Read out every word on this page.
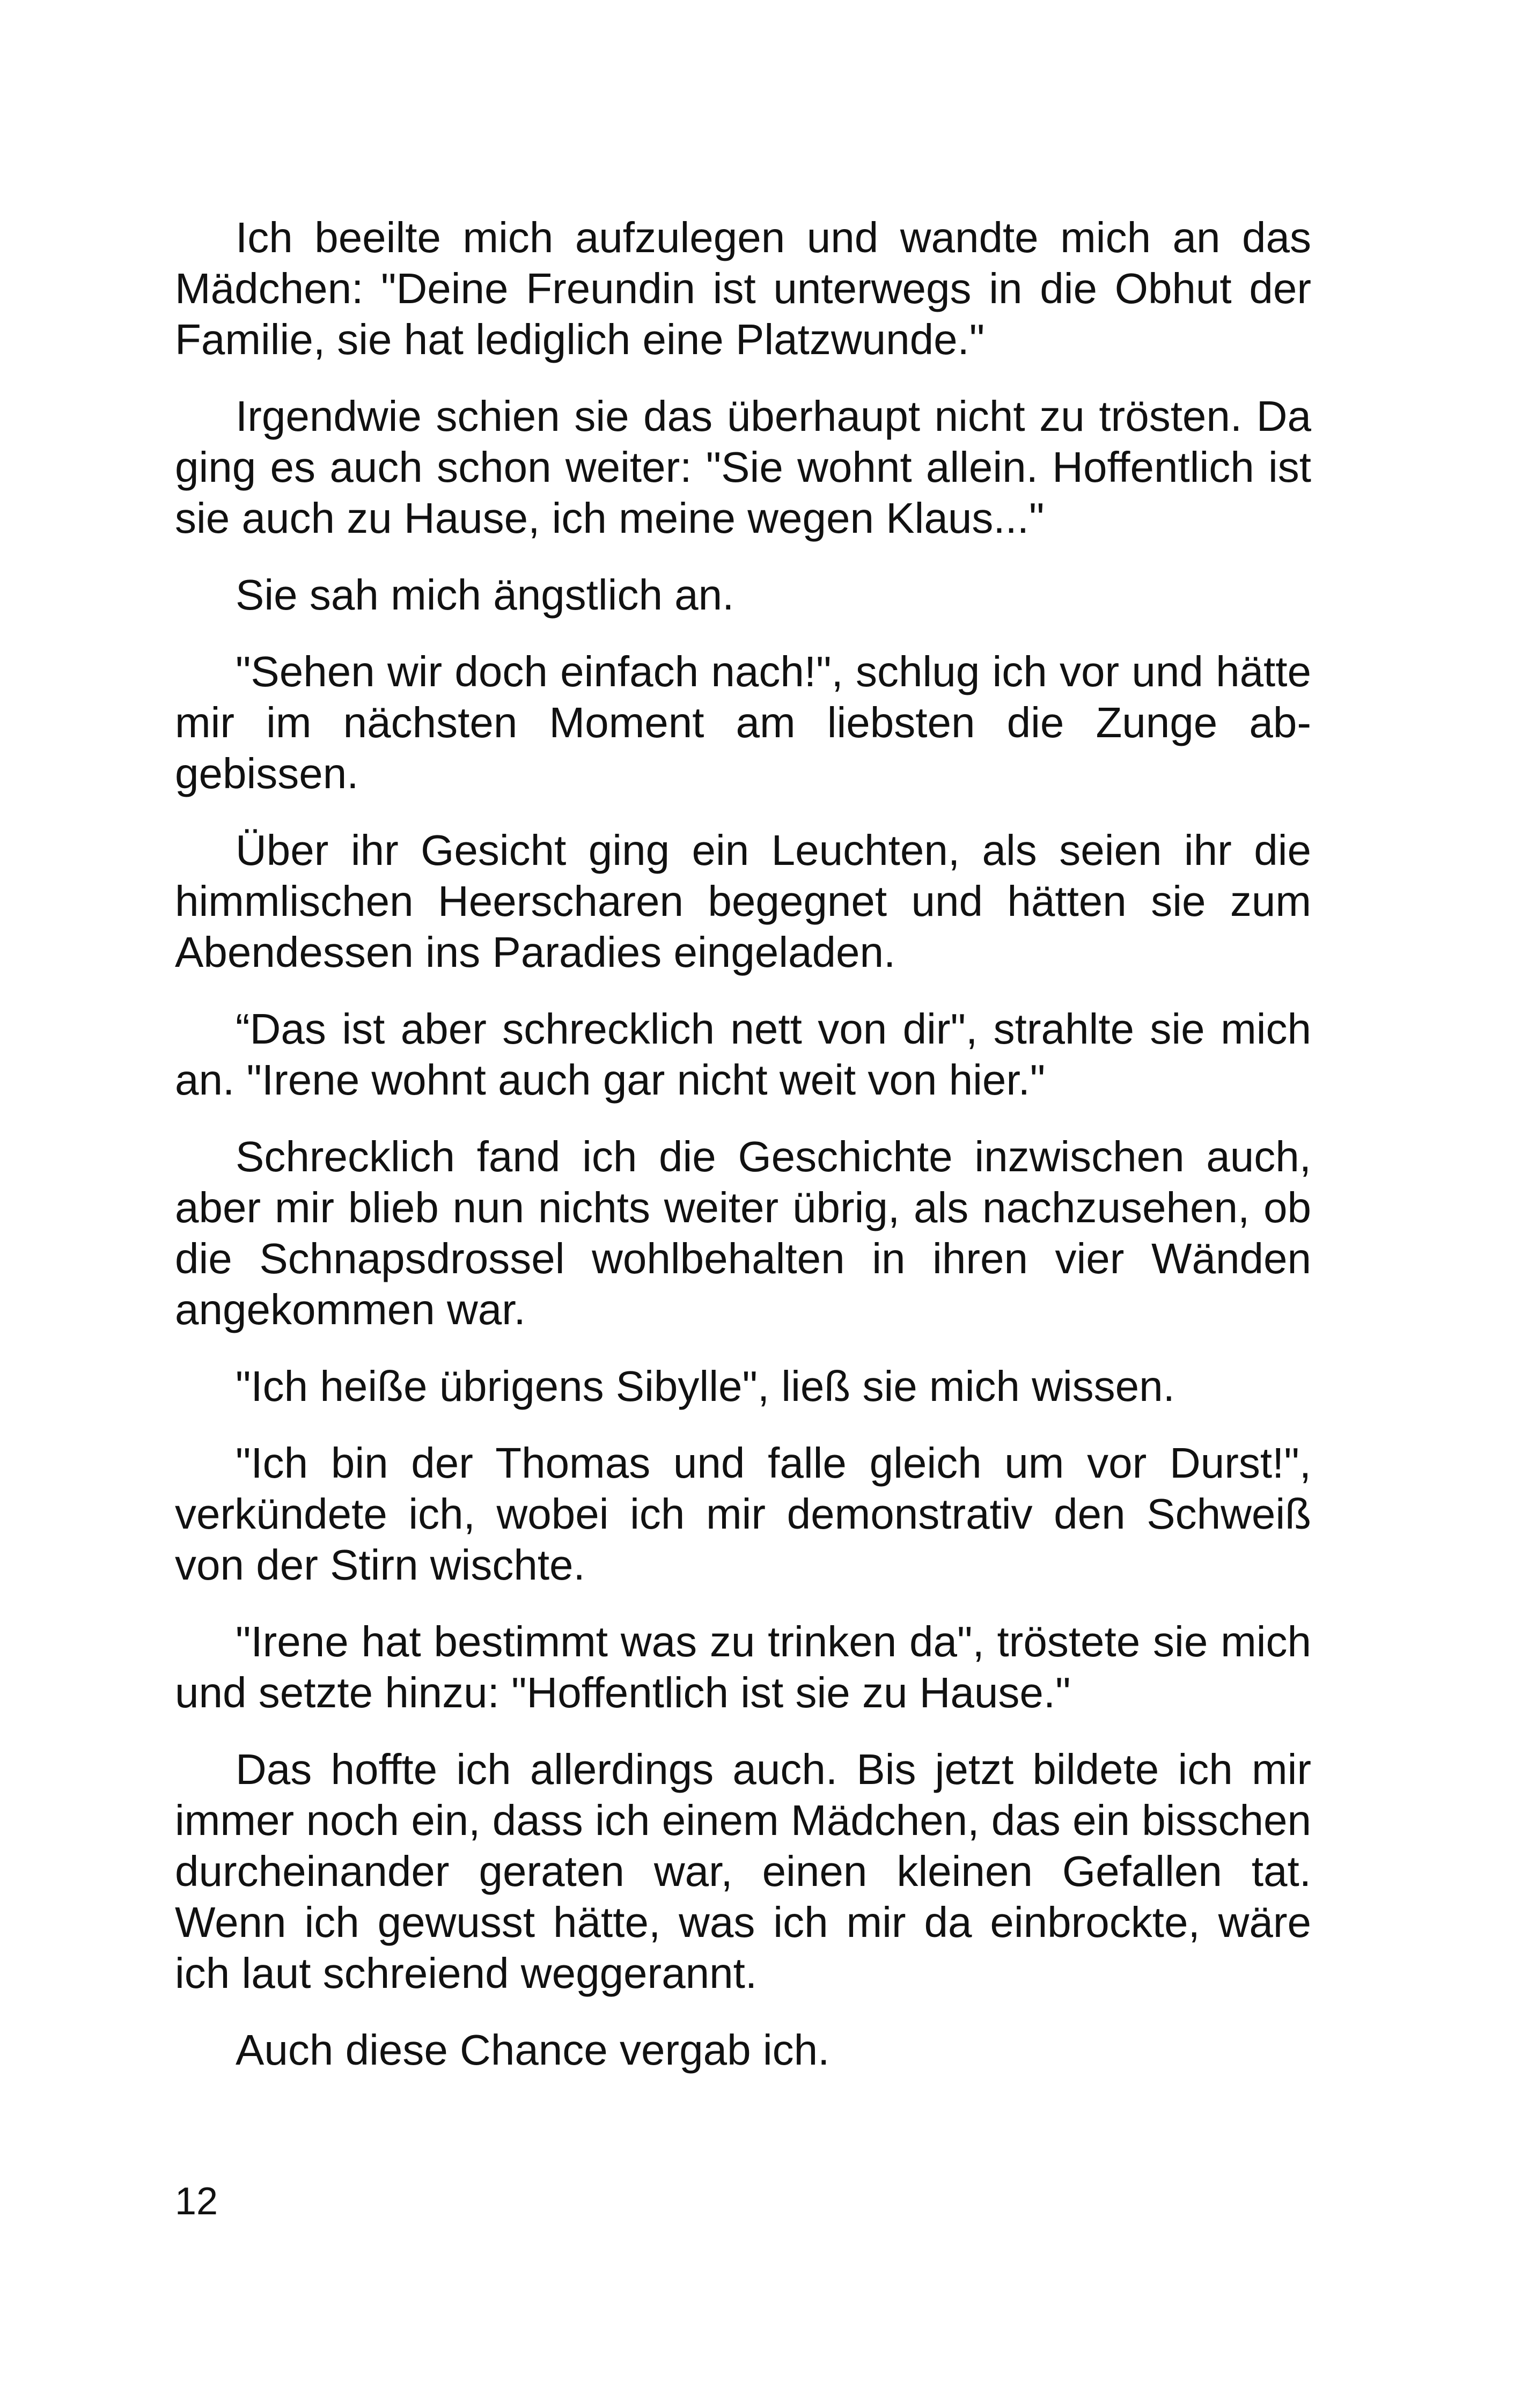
Ich beeilte mich aufzulegen und wandte mich an das Mädchen: "Deine Freundin ist unterwegs in die Obhut der Familie, sie hat lediglich eine Platzwunde."

Irgendwie schien sie das überhaupt nicht zu trösten. Da ging es auch schon weiter: "Sie wohnt allein. Hoffentlich ist sie auch zu Hause, ich meine wegen Klaus..."

Sie sah mich ängstlich an.

"Sehen wir doch einfach nach!", schlug ich vor und hätte mir im nächsten Moment am liebsten die Zunge abgebissen.

Über ihr Gesicht ging ein Leuchten, als seien ihr die himmlischen Heerscharen begegnet und hätten sie zum Abendessen ins Paradies eingeladen.

“Das ist aber schrecklich nett von dir", strahlte sie mich an. "Irene wohnt auch gar nicht weit von hier."

Schrecklich fand ich die Geschichte inzwischen auch, aber mir blieb nun nichts weiter übrig, als nachzusehen, ob die Schnapsdrossel wohlbehalten in ihren vier Wänden angekommen war.

"Ich heiße übrigens Sibylle", ließ sie mich wissen.

"Ich bin der Thomas und falle gleich um vor Durst!", verkündete ich, wobei ich mir demonstrativ den Schweiß von der Stirn wischte.

"Irene hat bestimmt was zu trinken da", tröstete sie mich und setzte hinzu: "Hoffentlich ist sie zu Hause."

Das hoffte ich allerdings auch. Bis jetzt bildete ich mir immer noch ein, dass ich einem Mädchen, das ein bisschen durcheinander geraten war, einen kleinen Gefallen tat. Wenn ich gewusst hätte, was ich mir da einbrockte, wäre ich laut schreiend weggerannt.

Auch diese Chance vergab ich.

12
